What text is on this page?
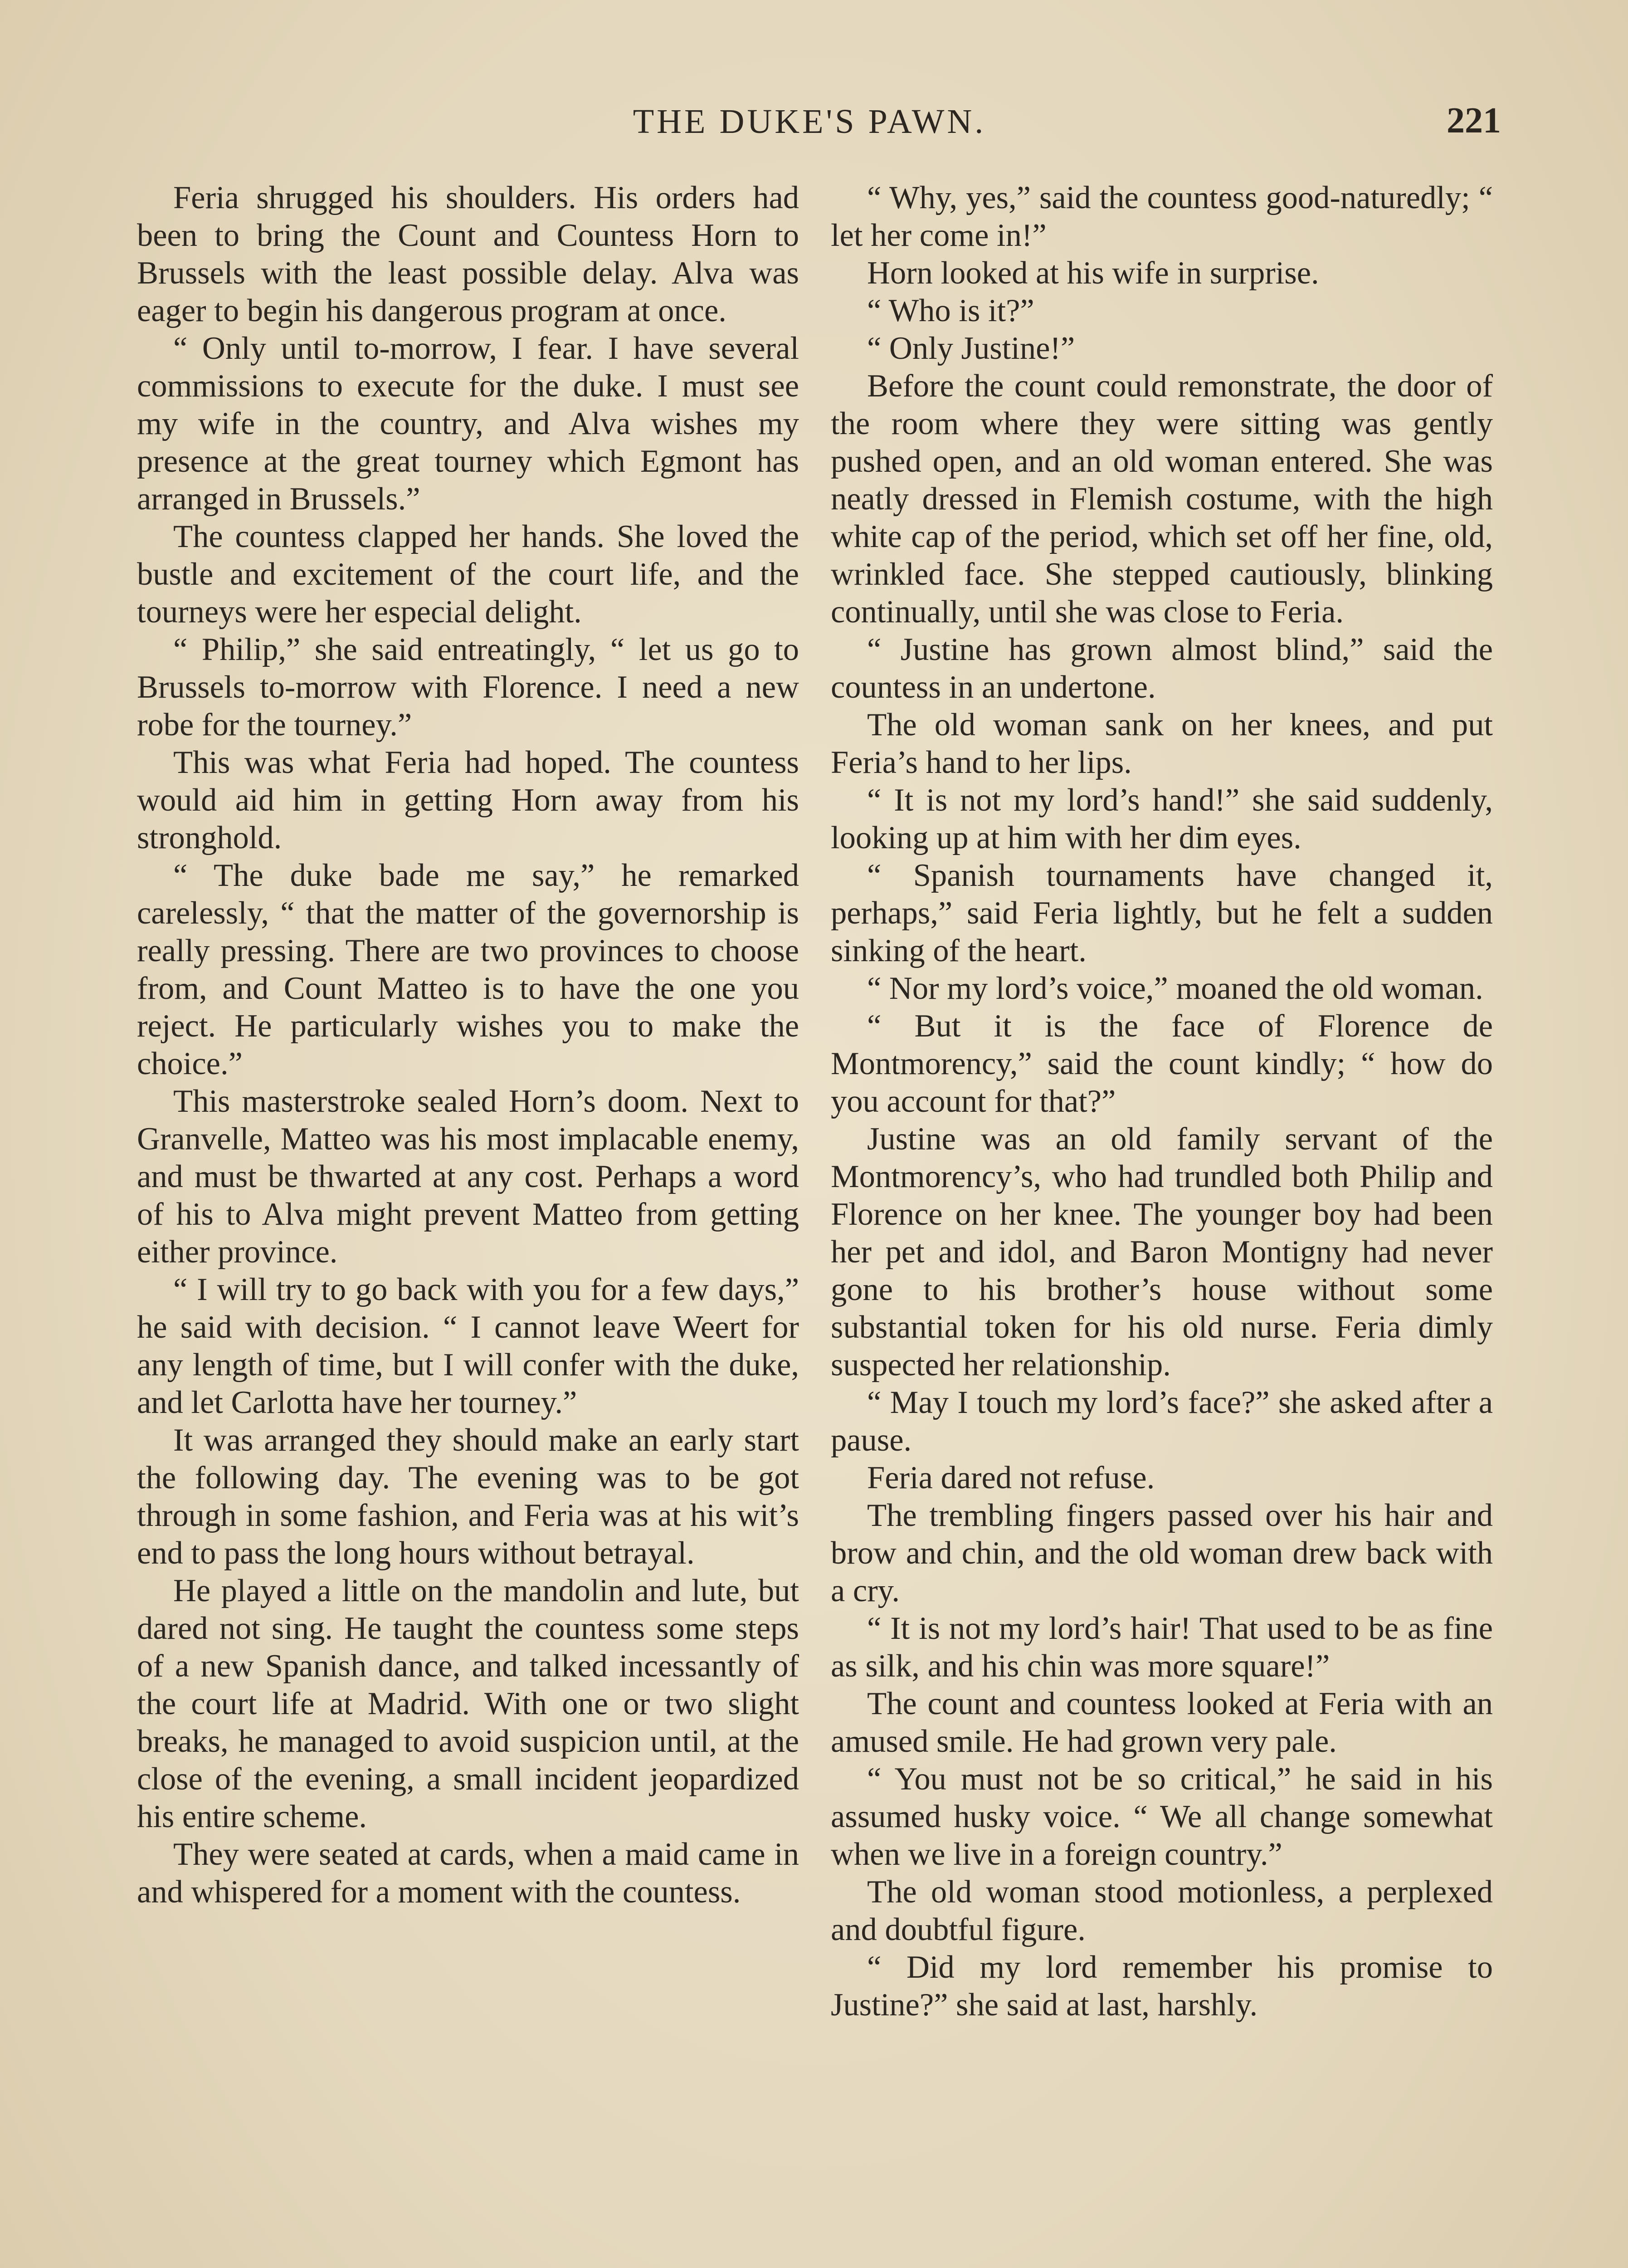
THE DUKE'S PAWN.	221

Feria shrugged his shoulders. His orders had been to bring the Count and Countess Horn to Brussels with the least possible delay. Alva was eager to begin his dangerous program at once.

“ Only until to-morrow, I fear. I have several commissions to execute for the duke. I must see my wife in the country, and Alva wishes my presence at the great tourney which Egmont has arranged in Brussels.”

The countess clapped her hands. She loved the bustle and excitement of the court life, and the tourneys were her especial delight.

“ Philip,” she said entreatingly, “ let us go to Brussels to-morrow with Florence. I need a new robe for the tourney.”

This was what Feria had hoped. The countess would aid him in getting Horn away from his stronghold.

“ The duke bade me say,” he remarked carelessly, “ that the matter of the governorship is really pressing. There are two provinces to choose from, and Count Matteo is to have the one you reject. He particularly wishes you to make the choice.”

This masterstroke sealed Horn’s doom. Next to Granvelle, Matteo was his most implacable enemy, and must be thwarted at any cost. Perhaps a word of his to Alva might prevent Matteo from getting either province.

“ I will try to go back with you for a few days,” he said with decision. “ I cannot leave Weert for any length of time, but I will confer with the duke, and let Carlotta have her tourney.”

It was arranged they should make an early start the following day. The evening was to be got through in some fashion, and Feria was at his wit’s end to pass the long hours without betrayal.

He played a little on the mandolin and lute, but dared not sing. He taught the countess some steps of a new Spanish dance, and talked incessantly of the court life at Madrid. With one or two slight breaks, he managed to avoid suspicion until, at the close of the evening, a small incident jeopardized his entire scheme.

They were seated at cards, when a maid came in and whispered for a moment with the countess.

“ Why, yes,” said the countess good-naturedly; “ let her come in!”

Horn looked at his wife in surprise.

“ Who is it?”

“ Only Justine!”

Before the count could remonstrate, the door of the room where they were sitting was gently pushed open, and an old woman entered. She was neatly dressed in Flemish costume, with the high white cap of the period, which set off her fine, old, wrinkled face. She stepped cautiously, blinking continually, until she was close to Feria.

“ Justine has grown almost blind,” said the countess in an undertone.

The old woman sank on her knees, and put Feria’s hand to her lips.

“ It is not my lord’s hand!” she said suddenly, looking up at him with her dim eyes.

“ Spanish tournaments have changed it, perhaps,” said Feria lightly, but he felt a sudden sinking of the heart.

“ Nor my lord’s voice,” moaned the old woman.

“ But it is the face of Florence de Montmorency,” said the count kindly; “ how do you account for that?”

Justine was an old family servant of the Montmorency’s, who had trundled both Philip and Florence on her knee. The younger boy had been her pet and idol, and Baron Montigny had never gone to his brother’s house without some substantial token for his old nurse. Feria dimly suspected her relationship.

“ May I touch my lord’s face?” she asked after a pause.

Feria dared not refuse.

The trembling fingers passed over his hair and brow and chin, and the old woman drew back with a cry.

“ It is not my lord’s hair! That used to be as fine as silk, and his chin was more square!”

The count and countess looked at Feria with an amused smile. He had grown very pale.

“ You must not be so critical,” he said in his assumed husky voice. “ We all change somewhat when we live in a foreign country.”

The old woman stood motionless, a perplexed and doubtful figure.

“ Did my lord remember his promise to Justine?” she said at last, harshly.
